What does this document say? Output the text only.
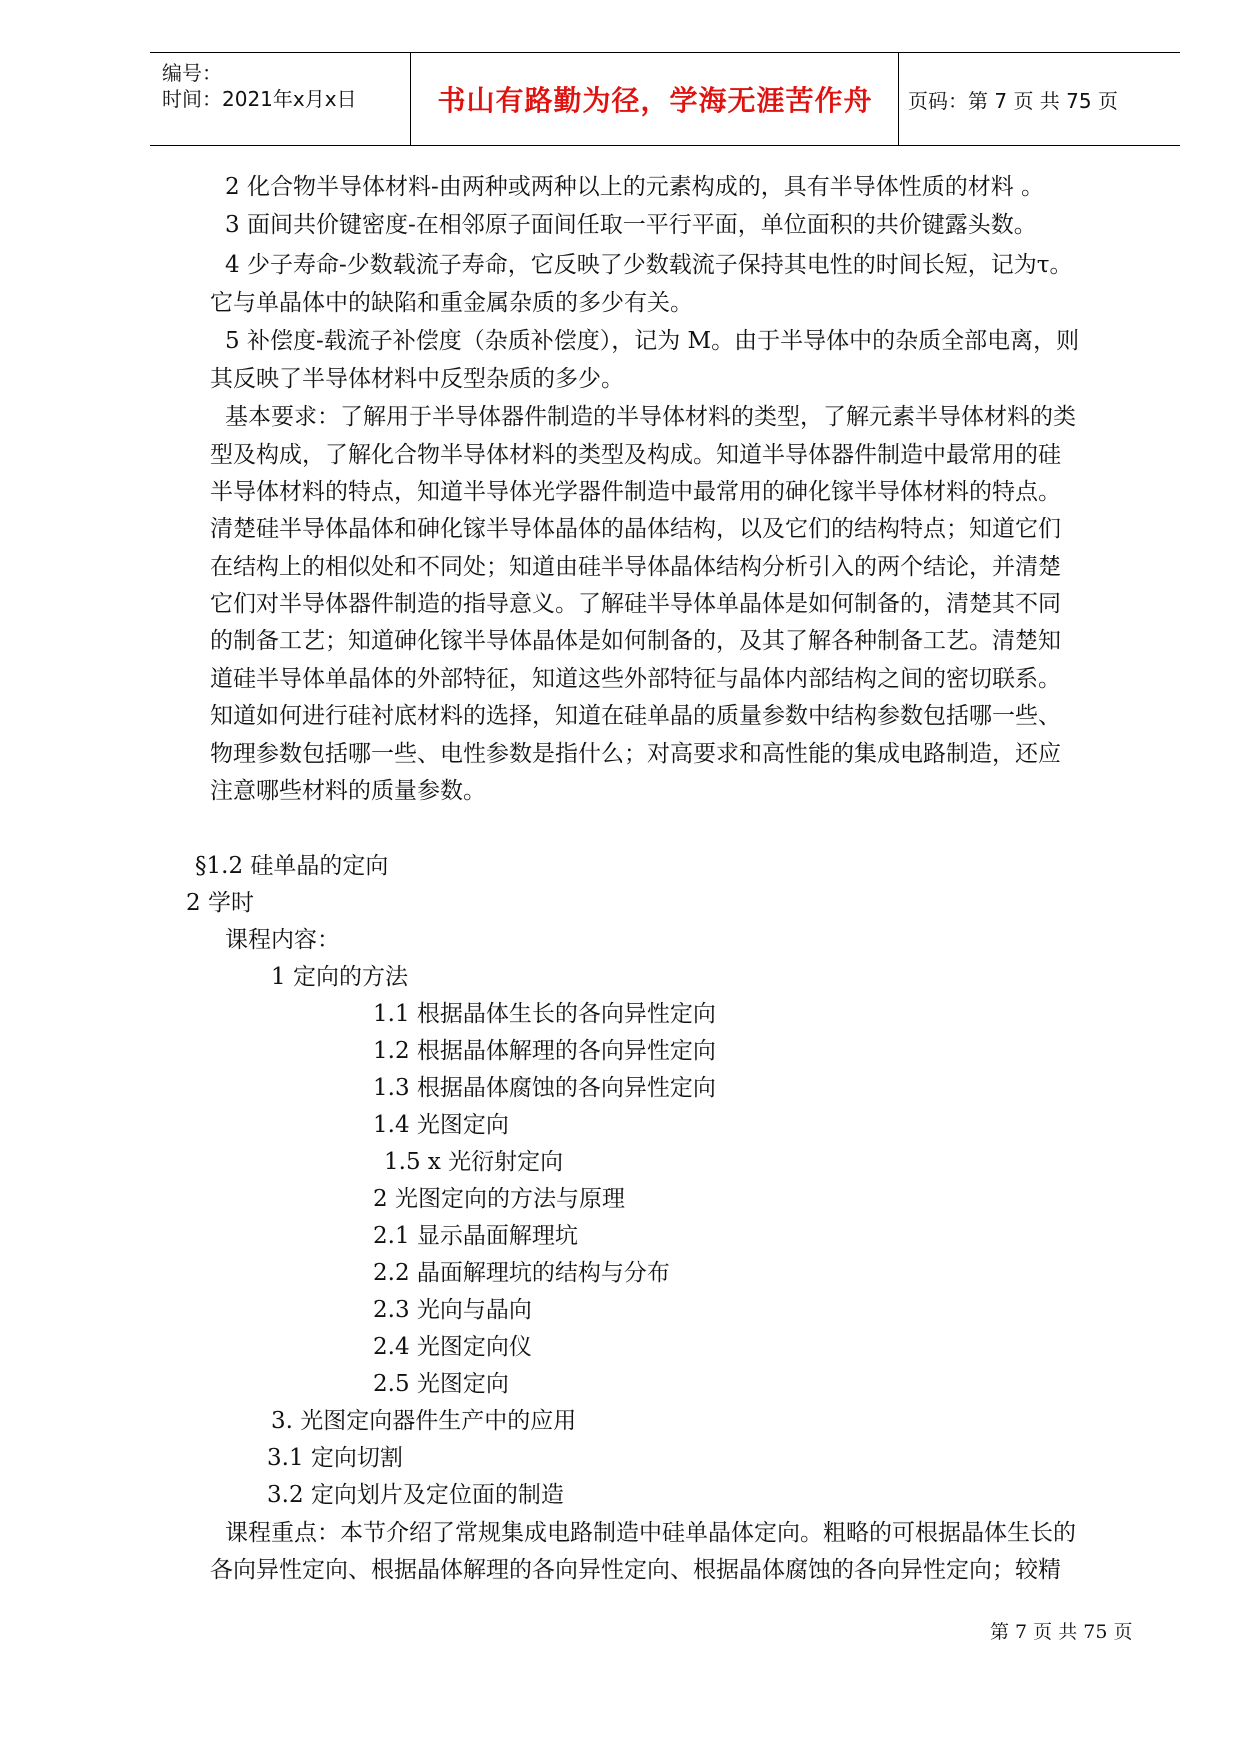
编号：
时间：2021年x月x日	书山有路勤为径，学海无涯苦作舟	页码：第 7 页 共 75 页
2 化合物半导体材料-由两种或两种以上的元素构成的，具有半导体性质的材料 。
3 面间共价键密度-在相邻原子面间任取一平行平面，单位面积的共价键露头数。
4 少子寿命-少数载流子寿命，它反映了少数载流子保持其电性的时间长短，记为τ。
它与单晶体中的缺陷和重金属杂质的多少有关。
5 补偿度-载流子补偿度（杂质补偿度），记为 M。由于半导体中的杂质全部电离，则
其反映了半导体材料中反型杂质的多少。
基本要求：了解用于半导体器件制造的半导体材料的类型，了解元素半导体材料的类
型及构成，了解化合物半导体材料的类型及构成。知道半导体器件制造中最常用的硅
半导体材料的特点，知道半导体光学器件制造中最常用的砷化镓半导体材料的特点。
清楚硅半导体晶体和砷化镓半导体晶体的晶体结构，以及它们的结构特点；知道它们
在结构上的相似处和不同处；知道由硅半导体晶体结构分析引入的两个结论，并清楚
它们对半导体器件制造的指导意义。了解硅半导体单晶体是如何制备的，清楚其不同
的制备工艺；知道砷化镓半导体晶体是如何制备的，及其了解各种制备工艺。清楚知
道硅半导体单晶体的外部特征，知道这些外部特征与晶体内部结构之间的密切联系。
知道如何进行硅衬底材料的选择，知道在硅单晶的质量参数中结构参数包括哪一些、
物理参数包括哪一些、电性参数是指什么；对高要求和高性能的集成电路制造，还应
注意哪些材料的质量参数。
§1.2 硅单晶的定向
2 学时
课程内容：
1 定向的方法
1.1 根据晶体生长的各向异性定向
1.2 根据晶体解理的各向异性定向
1.3 根据晶体腐蚀的各向异性定向
1.4 光图定向
1.5 x 光衍射定向
2 光图定向的方法与原理
2.1 显示晶面解理坑
2.2 晶面解理坑的结构与分布
2.3 光向与晶向
2.4 光图定向仪
2.5 光图定向
3. 光图定向器件生产中的应用
3.1 定向切割
3.2 定向划片及定位面的制造
课程重点：本节介绍了常规集成电路制造中硅单晶体定向。粗略的可根据晶体生长的
各向异性定向、根据晶体解理的各向异性定向、根据晶体腐蚀的各向异性定向；较精
第 7 页 共 75 页
